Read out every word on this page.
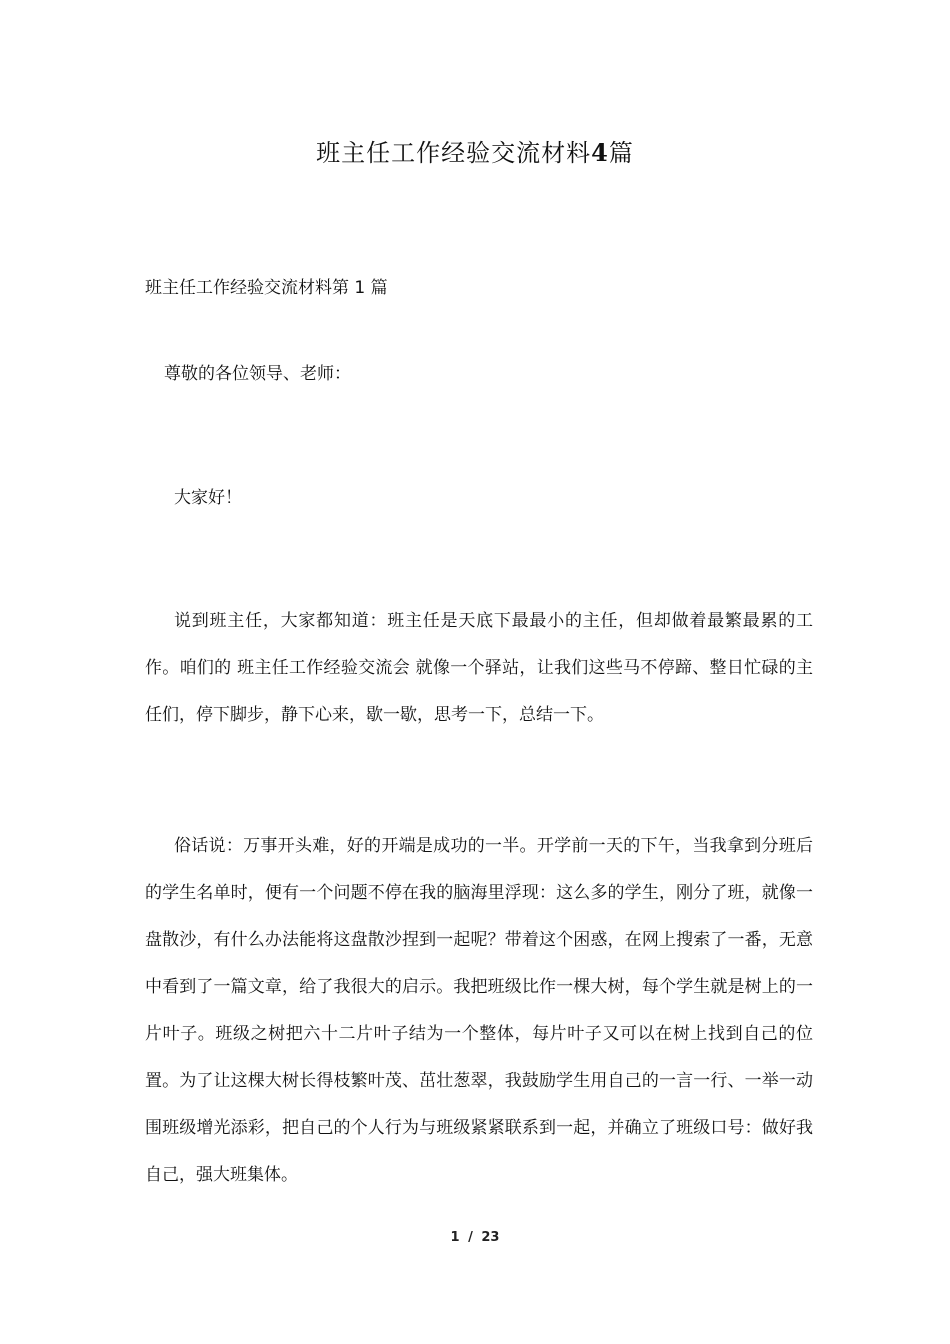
班主任工作经验交流材料4篇
班主任工作经验交流材料第 1 篇
尊敬的各位领导、老师：
大家好！

说到班主任，大家都知道：班主任是天底下最最小的主任，但却做着最繁最累的工作。咱们的 班主任工作经验交流会 就像一个驿站，让我们这些马不停蹄、整日忙碌的主任们，停下脚步，静下心来，歇一歇，思考一下，总结一下。

俗话说：万事开头难，好的开端是成功的一半。开学前一天的下午，当我拿到分班后的学生名单时，便有一个问题不停在我的脑海里浮现：这么多的学生，刚分了班，就像一盘散沙，有什么办法能将这盘散沙捏到一起呢？带着这个困惑，在网上搜索了一番，无意中看到了一篇文章，给了我很大的启示。我把班级比作一棵大树，每个学生就是树上的一片叶子。班级之树把六十二片叶子结为一个整体，每片叶子又可以在树上找到自己的位置。为了让这棵大树长得枝繁叶茂、茁壮葱翠，我鼓励学生用自己的一言一行、一举一动围班级增光添彩，把自己的个人行为与班级紧紧联系到一起，并确立了班级口号：做好我自己，强大班集体。

1 / 23
